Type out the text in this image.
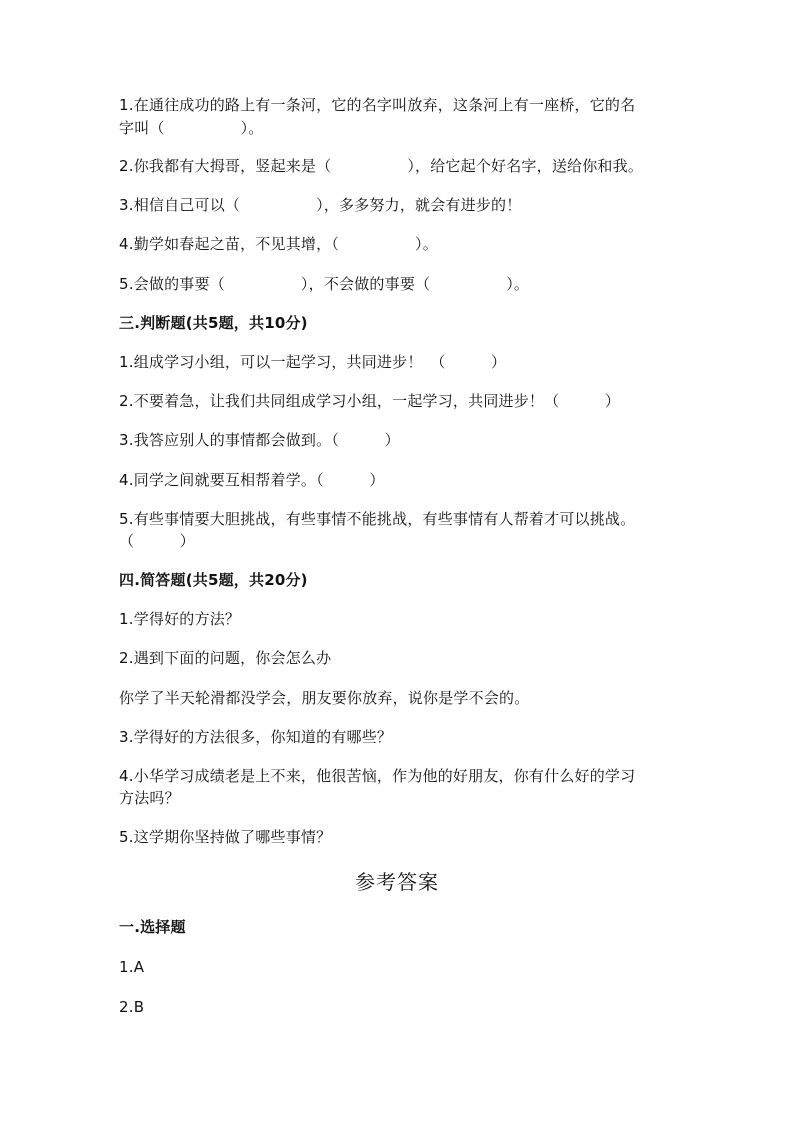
1.在通往成功的路上有一条河，它的名字叫放弃，这条河上有一座桥，它的名
字叫（　　　　　）。
2.你我都有大拇哥，竖起来是（　　　　　），给它起个好名字，送给你和我。
3.相信自己可以（　　　　　），多多努力，就会有进步的！
4.勤学如春起之苗，不见其增，（　　　　　）。
5.会做的事要（　　　　　），不会做的事要（　　　　　）。
三.判断题(共5题，共10分)
1.组成学习小组，可以一起学习，共同进步！　（　　　）
2.不要着急，让我们共同组成学习小组，一起学习，共同进步！（　　　）
3.我答应别人的事情都会做到。（　　　）
4.同学之间就要互相帮着学。（　　　）
5.有些事情要大胆挑战，有些事情不能挑战，有些事情有人帮着才可以挑战。
（　　　）
四.简答题(共5题，共20分)
1.学得好的方法？
2.遇到下面的问题，你会怎么办
你学了半天轮滑都没学会，朋友要你放弃，说你是学不会的。
3.学得好的方法很多，你知道的有哪些？
4.小华学习成绩老是上不来，他很苦恼，作为他的好朋友，你有什么好的学习
方法吗？
5.这学期你坚持做了哪些事情？
参考答案
一.选择题
1.A
2.B
